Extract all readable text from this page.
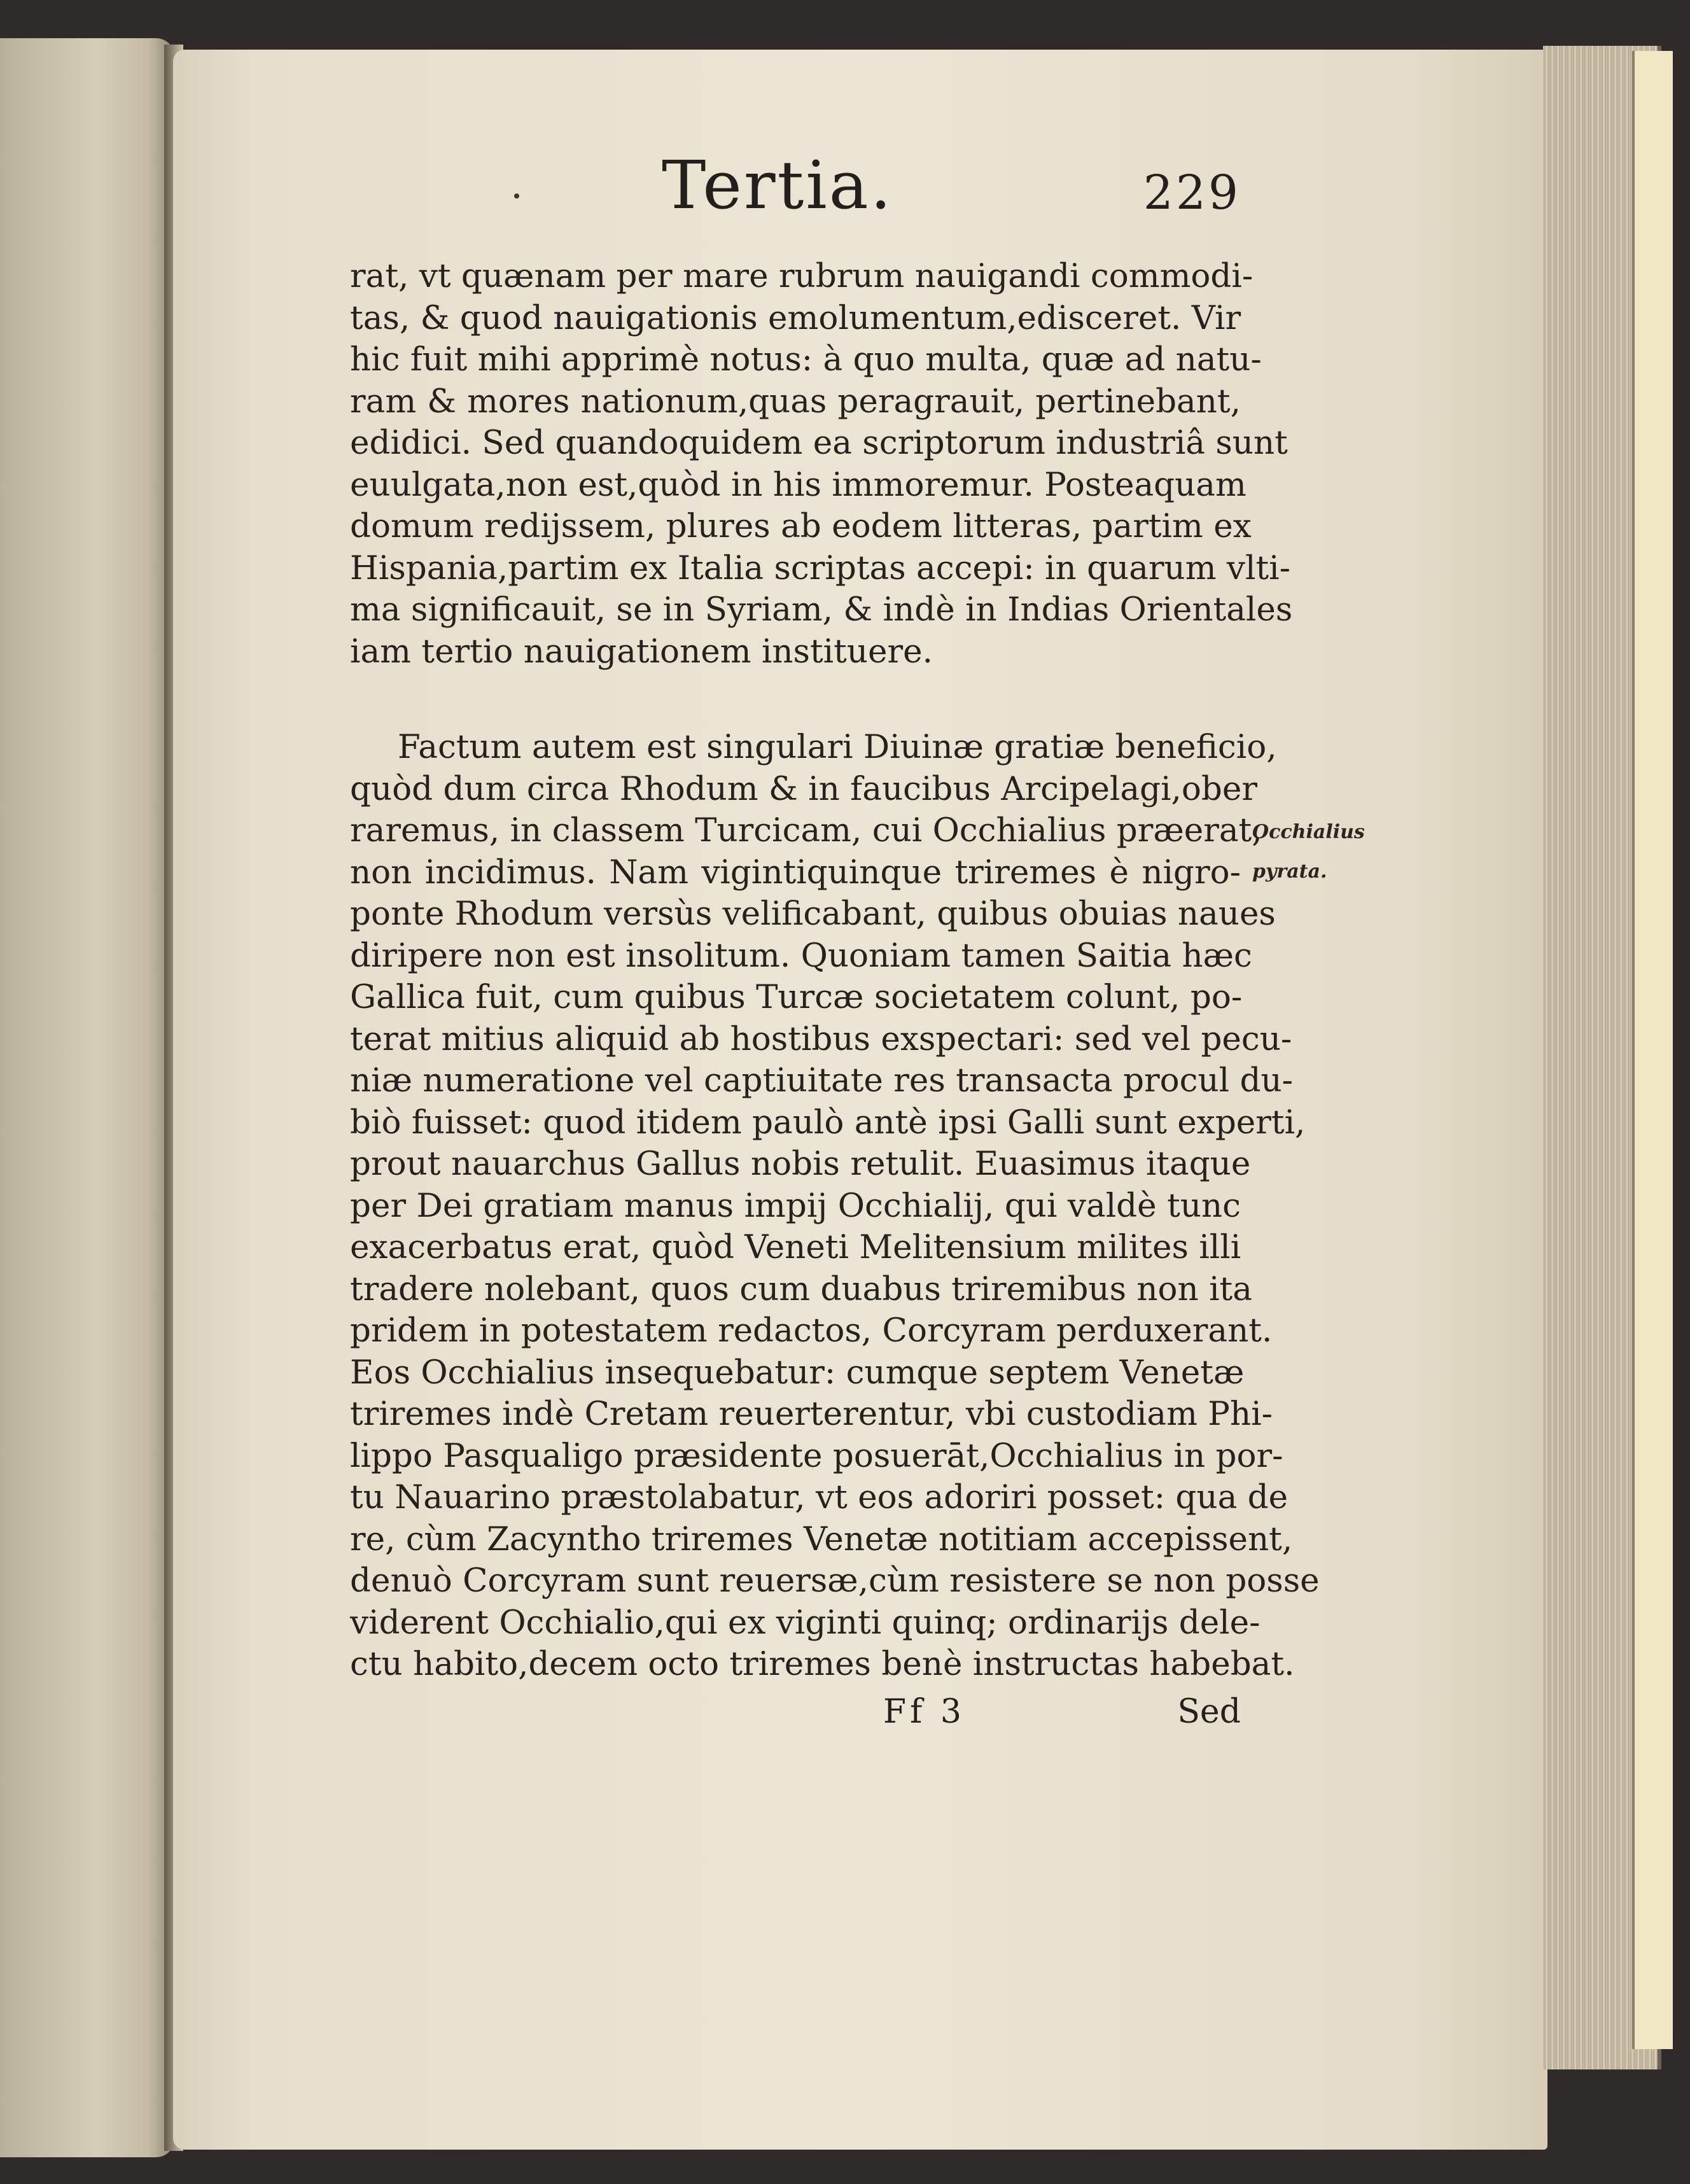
Tertia.	229
rat, vt quænam per mare rubrum nauigandi commodi-
tas, & quod nauigationis emolumentum,edisceret. Vir
hic fuit mihi apprimè notus: à quo multa, quæ ad natu-
ram & mores nationum,quas peragrauit, pertinebant,
edidici. Sed quandoquidem ea scriptorum industriâ sunt
euulgata,non est,quòd in his immoremur. Posteaquam
domum redijssem, plures ab eodem litteras, partim ex
Hispania,partim ex Italia scriptas accepi: in quarum vlti-
ma significauit, se in Syriam, & indè in Indias Orientales
iam tertio nauigationem instituere.
Factum autem est singulari Diuinæ gratiæ beneficio,
quòd dum circa Rhodum & in faucibus Arcipelagi,ober
raremus, in classem Turcicam, cui Occhialius præerat,
non incidimus. Nam vigintiquinque triremes è nigro-
ponte Rhodum versùs velificabant, quibus obuias naues
diripere non est insolitum. Quoniam tamen Saitia hæc
Gallica fuit, cum quibus Turcæ societatem colunt, po-
terat mitius aliquid ab hostibus exspectari: sed vel pecu-
niæ numeratione vel captiuitate res transacta procul du-
biò fuisset: quod itidem paulò antè ipsi Galli sunt experti,
prout nauarchus Gallus nobis retulit. Euasimus itaque
per Dei gratiam manus impij Occhialij, qui valdè tunc
exacerbatus erat, quòd Veneti Melitensium milites illi
tradere nolebant, quos cum duabus triremibus non ita
pridem in potestatem redactos, Corcyram perduxerant.
Eos Occhialius insequebatur: cumque septem Venetæ
triremes indè Cretam reuerterentur, vbi custodiam Phi-
lippo Pasqualigo præsidente posuerāt,Occhialius in por-
tu Nauarino præstolabatur, vt eos adoriri posset: qua de
re, cùm Zacyntho triremes Venetæ notitiam accepissent,
denuò Corcyram sunt reuersæ,cùm resistere se non posse
viderent Occhialio,qui ex viginti quinq; ordinarijs dele-
ctu habito,decem octo triremes benè instructas habebat.
Occhialius
pyrata.
Ff 3	Sed
